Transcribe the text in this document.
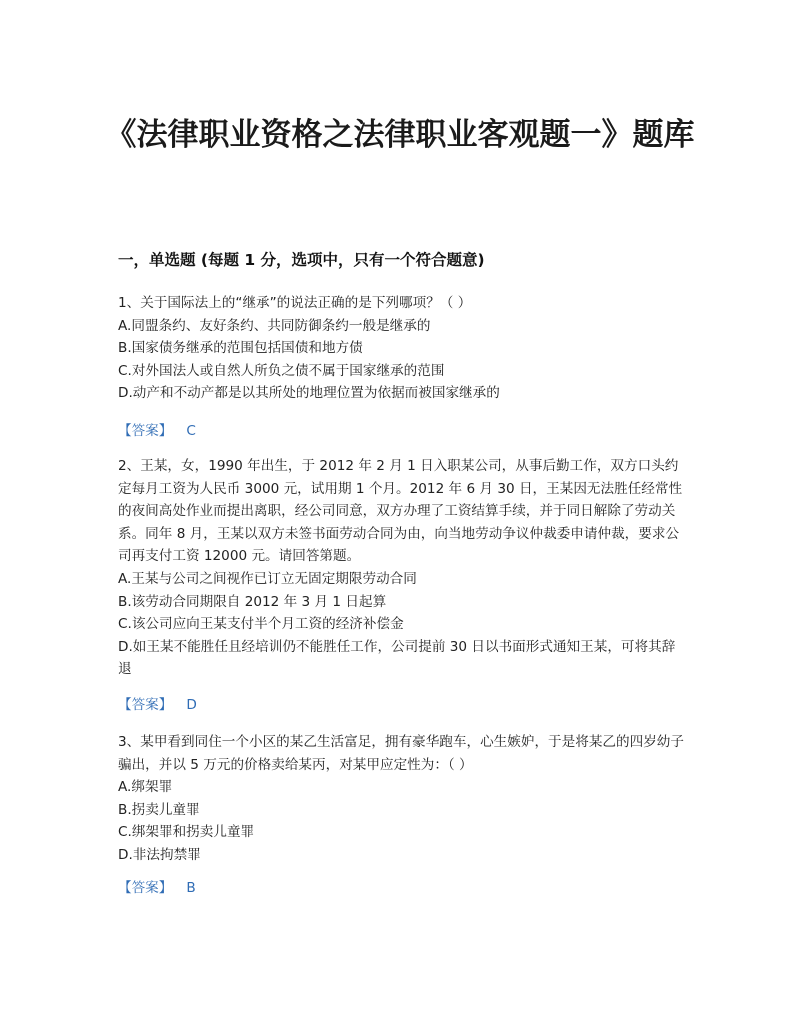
《法律职业资格之法律职业客观题一》题库
一，单选题 (每题 1 分，选项中，只有一个符合题意)

1、关于国际法上的“继承”的说法正确的是下列哪项？（ ）

A.同盟条约、友好条约、共同防御条约一般是继承的

B.国家债务继承的范围包括国债和地方债

C.对外国法人或自然人所负之债不属于国家继承的范围

D.动产和不动产都是以其所处的地理位置为依据而被国家继承的

【答案】 C

2、王某，女，1990 年出生，于 2012 年 2 月 1 日入职某公司，从事后勤工作，双方口头约定每月工资为人民币 3000 元，试用期 1 个月。2012 年 6 月 30 日，王某因无法胜任经常性的夜间高处作业而提出离职，经公司同意，双方办理了工资结算手续，并于同日解除了劳动关系。同年 8 月，王某以双方未签书面劳动合同为由，向当地劳动争议仲裁委申请仲裁，要求公司再支付工资 12000 元。请回答第题。

A.王某与公司之间视作已订立无固定期限劳动合同

B.该劳动合同期限自 2012 年 3 月 1 日起算

C.该公司应向王某支付半个月工资的经济补偿金

D.如王某不能胜任且经培训仍不能胜任工作，公司提前 30 日以书面形式通知王某，可将其辞退

【答案】 D

3、某甲看到同住一个小区的某乙生活富足，拥有豪华跑车，心生嫉妒，于是将某乙的四岁幼子骗出，并以 5 万元的价格卖给某丙，对某甲应定性为：（ ）

A.绑架罪

B.拐卖儿童罪

C.绑架罪和拐卖儿童罪

D.非法拘禁罪

【答案】 B
